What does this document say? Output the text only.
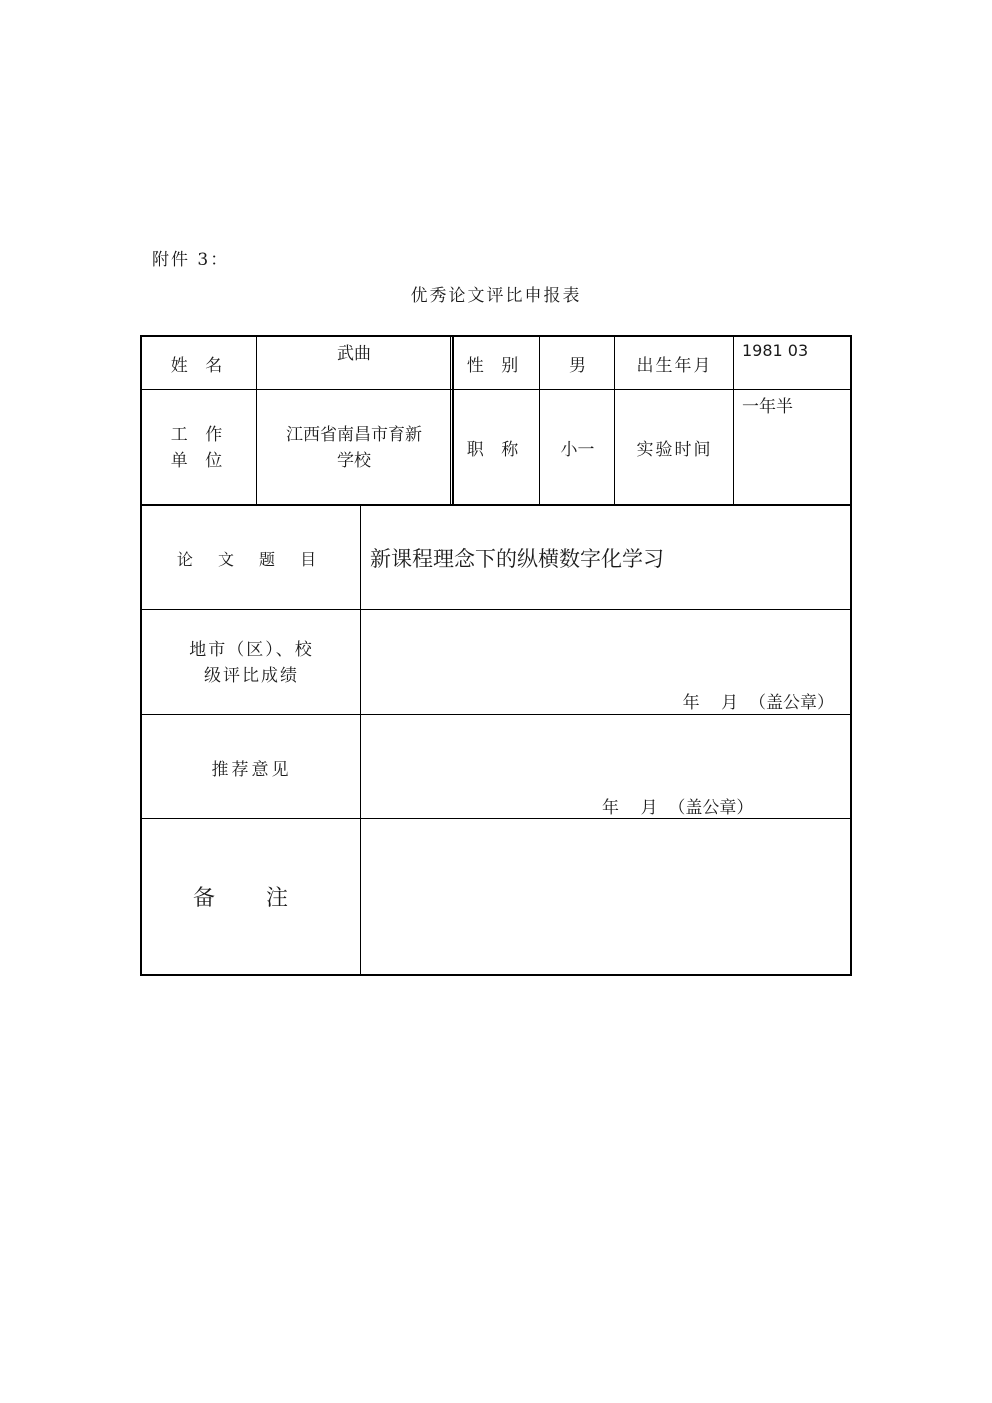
附件 3：
优秀论文评比申报表
姓 名
武曲
性 别	男	出生年月
1981 03
工 作
单 位
江西省南昌市育新
学校
职 称 小一 实验时间
一年半
论 文 题 目 新课程理念下的纵横数字化学习
地市（区）、校
级评比成绩
年    月  （盖公章）
推荐意见
年    月  （盖公章）
备 注
